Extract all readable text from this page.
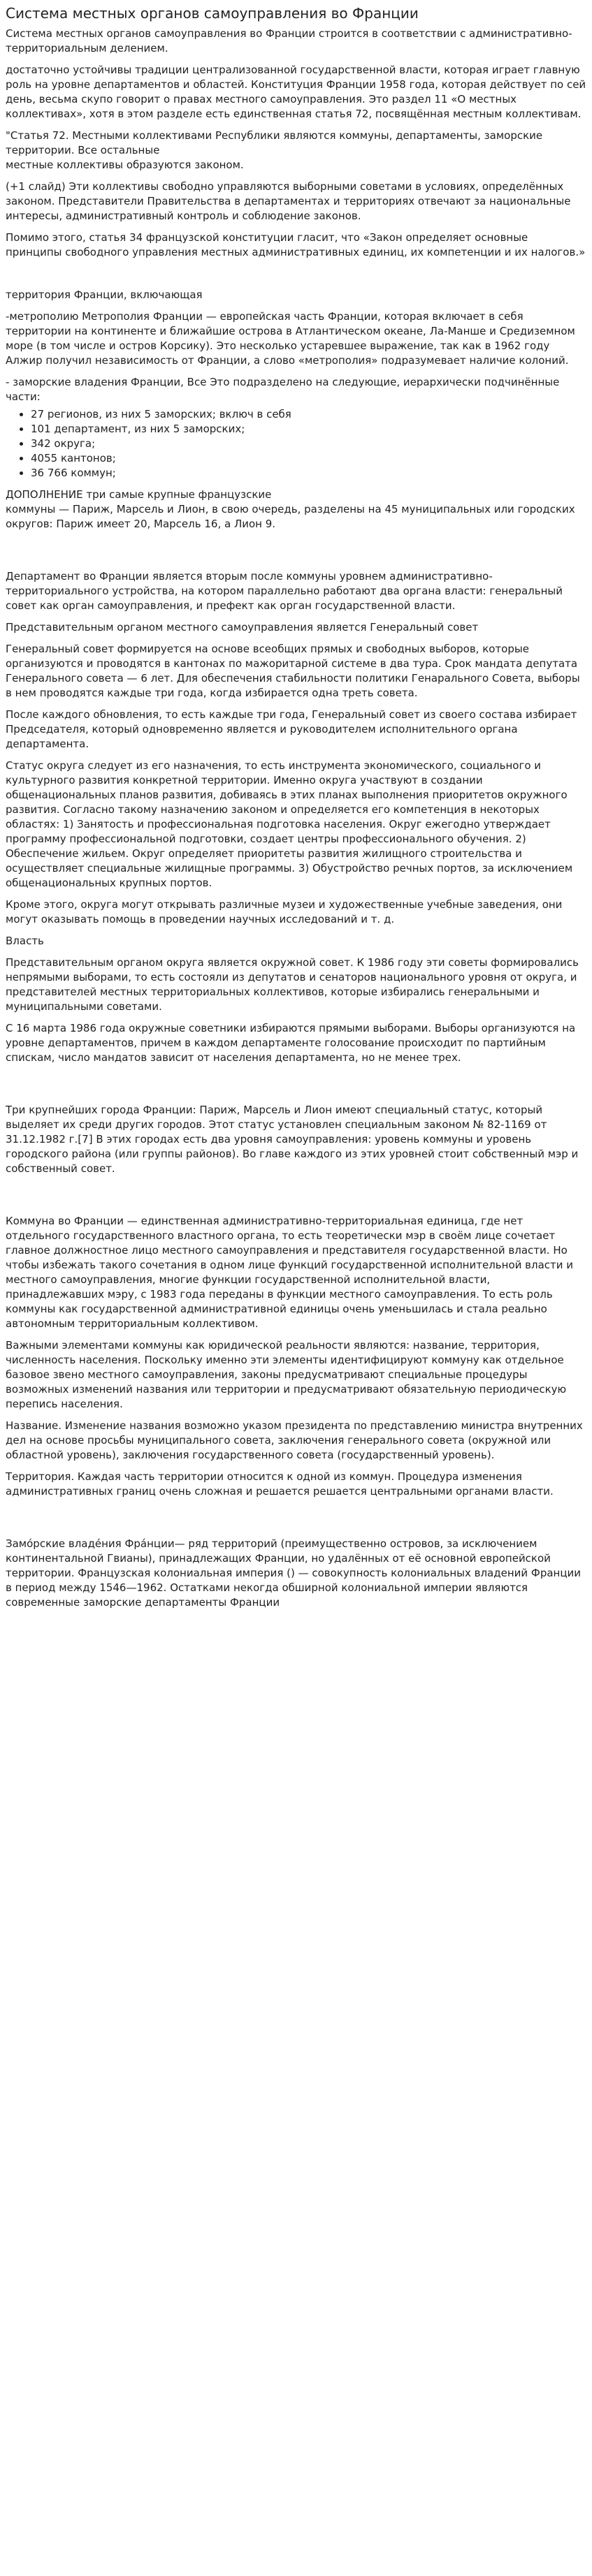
Система местных органов самоуправления во Франции

Система местных органов самоуправления во Франции строится в соответствии с административно-территориальным делением.

достаточно устойчивы традиции централизованной государственной власти, которая играет главную роль на уровне департаментов и областей. Конституция Франции 1958 года, которая действует по сей день, весьма скупо говорит о правах местного самоуправления. Это раздел 11 «О местных коллективах», хотя в этом разделе есть единственная статья 72, посвящённая местным коллективам.

"Статья 72. Местными коллективами Республики являются коммуны, департаменты, заморские территории. Все остальные
местные коллективы образуются законом.

(+1 слайд) Эти коллективы свободно управляются выборными советами в условиях, определённых законом. Представители Правительства в департаментах и территориях отвечают за национальные интересы, административный контроль и соблюдение законов.

Помимо этого, статья 34 французской конституции гласит, что «Закон определяет основные принципы свободного управления местных административных единиц, их компетенции и их налогов.»

территория Франции, включающая

-метрополию Метрополия Франции — европейская часть Франции, которая включает в себя территории на континенте и ближайшие острова в Атлантическом океане, Ла-Манше и Средиземном море (в том числе и остров Корсику). Это несколько устаревшее выражение, так как в 1962 году Алжир получил независимость от Франции, а слово «метрополия» подразумевает наличие колоний.

- заморские владения Франции, Все Это подразделено на следующие, иерархически подчинённые части:

• 27 регионов, из них 5 заморских; включ в себя
• 101 департамент, из них 5 заморских;
• 342 округа;
• 4055 кантонов;
• 36 766 коммун;

ДОПОЛНЕНИЕ три самые крупные французские
коммуны — Париж, Марсель и Лион, в свою очередь, разделены на 45 муниципальных или городских округов: Париж имеет 20, Марсель 16, а Лион 9.

Департамент во Франции является вторым после коммуны уровнем административно-территориального устройства, на котором параллельно работают два органа власти: генеральный совет как орган самоуправления, и префект как орган государственной власти.

Представительным органом местного самоуправления является Генеральный совет

Генеральный совет формируется на основе всеобщих прямых и свободных выборов, которые организуются и проводятся в кантонах по мажоритарной системе в два тура. Срок мандата депутата Генерального совета — 6 лет. Для обеспечения стабильности политики Генарального Совета, выборы в нем проводятся каждые три года, когда избирается одна треть совета.

После каждого обновления, то есть каждые три года, Генеральный совет из своего состава избирает Председателя, который одновременно является и руководителем исполнительного органа департамента.

Статус округа следует из его назначения, то есть инструмента экономического, социального и культурного развития конкретной территории. Именно округа участвуют в создании общенациональных планов развития, добиваясь в этих планах выполнения приоритетов окружного развития. Согласно такому назначению законом и определяется его компетенция в некоторых областях: 1) Занятость и профессиональная подготовка населения. Округ ежегодно утверждает программу профессиональной подготовки, создает центры профессионального обучения. 2) Обеспечение жильем. Округ определяет приоритеты развития жилищного строительства и осуществляет специальные жилищные программы. 3) Обустройство речных портов, за исключением общенациональных крупных портов.

Кроме этого, округа могут открывать различные музеи и художественные учебные заведения, они могут оказывать помощь в проведении научных исследований и т. д.

Власть

Представительным органом округа является окружной совет. К 1986 году эти советы формировались непрямыми выборами, то есть состояли из депутатов и сенаторов национального уровня от округа, и представителей местных территориальных коллективов, которые избирались генеральными и муниципальными советами.

С 16 марта 1986 года окружные советники избираются прямыми выборами. Выборы организуются на уровне департаментов, причем в каждом департаменте голосование происходит по партийным спискам, число мандатов зависит от населения департамента, но не менее трех.

Три крупнейших города Франции: Париж, Марсель и Лион имеют специальный статус, который выделяет их среди других городов. Этот статус установлен специальным законом № 82-1169 от 31.12.1982 г.[7] В этих городах есть два уровня самоуправления: уровень коммуны и уровень городского района (или группы районов). Во главе каждого из этих уровней стоит собственный мэр и собственный совет.

Коммуна во Франции — единственная административно-территориальная единица, где нет отдельного государственного властного органа, то есть теоретически мэр в своём лице сочетает главное должностное лицо местного самоуправления и представителя государственной власти. Но чтобы избежать такого сочетания в одном лице функций государственной исполнительной власти и местного самоуправления, многие функции государственной исполнительной власти, принадлежавших мэру, с 1983 года переданы в функции местного самоуправления. То есть роль коммуны как государственной административной единицы очень уменьшилась и стала реально автономным территориальным коллективом.

Важными элементами коммуны как юридической реальности являются: название, территория, численность населения. Поскольку именно эти элементы идентифицируют коммуну как отдельное базовое звено местного самоуправления, законы предусматривают специальные процедуры возможных изменений названия или территории и предусматривают обязательную периодическую перепись населения.

Название. Изменение названия возможно указом президента по представлению министра внутренних дел на основе просьбы муниципального совета, заключения генерального совета (окружной или областной уровень), заключения государственного совета (государственный уровень).

Территория. Каждая часть территории относится к одной из коммун. Процедура изменения административных границ очень сложная и решается решается центральными органами власти.

Замо́рские владе́ния Фра́нции— ряд территорий (преимущественно островов, за исключением континентальной Гвианы), принадлежащих Франции, но удалённых от её основной европейской территории. Французская колониальная империя () — совокупность колониальных владений Франции в период между 1546—1962. Остатками некогда обширной колониальной империи являются современные заморские департаменты Франции
